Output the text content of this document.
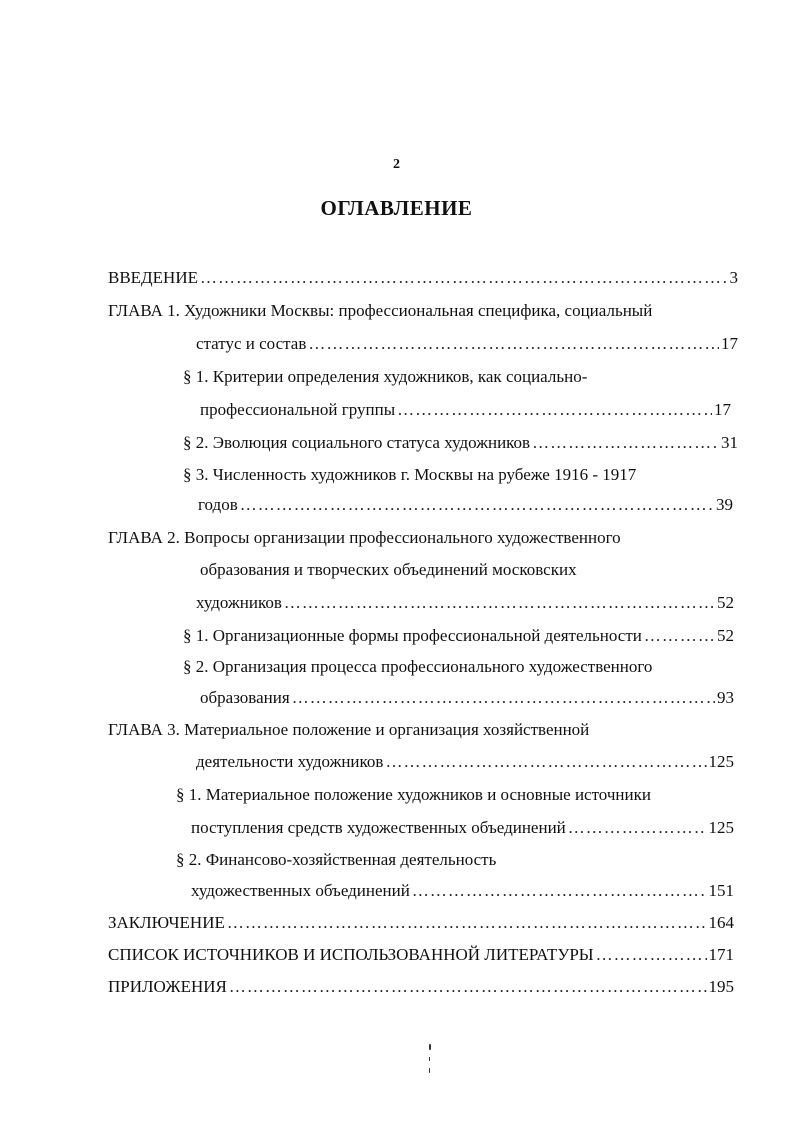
2
ОГЛАВЛЕНИЕ
ВВЕДЕНИЕ ……………………………………………………………………………………………………………………………………………………………………………………………………	3
ГЛАВА 1. Художники Москвы: профессиональная специфика, социальный
статус и состав ……………………………………………………………………………………………………………………………………………………………………………………………………	17
§ 1. Критерии определения художников, как социально-
профессиональной группы ……………………………………………………………………………………………………………………………………………………………………………………………………	17
§ 2. Эволюция социального статуса художников ……………………………………………………………………………………………………………………………………………………………………………………………………	31
§ 3. Численность художников г. Москвы на рубеже 1916 - 1917
годов ……………………………………………………………………………………………………………………………………………………………………………………………………	39
ГЛАВА 2. Вопросы организации профессионального художественного
образования и творческих объединений московских
художников ……………………………………………………………………………………………………………………………………………………………………………………………………	52
§ 1. Организационные формы профессиональной деятельности ……………………………………………………………………………………………………………………………………………………………………………………………………	52
§ 2. Организация процесса профессионального художественного
образования ……………………………………………………………………………………………………………………………………………………………………………………………………	93
ГЛАВА 3. Материальное положение и организация хозяйственной
деятельности художников ……………………………………………………………………………………………………………………………………………………………………………………………………	125
§ 1. Материальное положение художников и основные источники
поступления средств художественных объединений ……………………………………………………………………………………………………………………………………………………………………………………………………	125
§ 2. Финансово-хозяйственная деятельность
художественных объединений ……………………………………………………………………………………………………………………………………………………………………………………………………	151
ЗАКЛЮЧЕНИЕ ……………………………………………………………………………………………………………………………………………………………………………………………………	164
СПИСОК ИСТОЧНИКОВ И ИСПОЛЬЗОВАННОЙ ЛИТЕРАТУРЫ ……………………………………………………………………………………………………………………………………………………………………………………………………	171
ПРИЛОЖЕНИЯ ……………………………………………………………………………………………………………………………………………………………………………………………………	195
